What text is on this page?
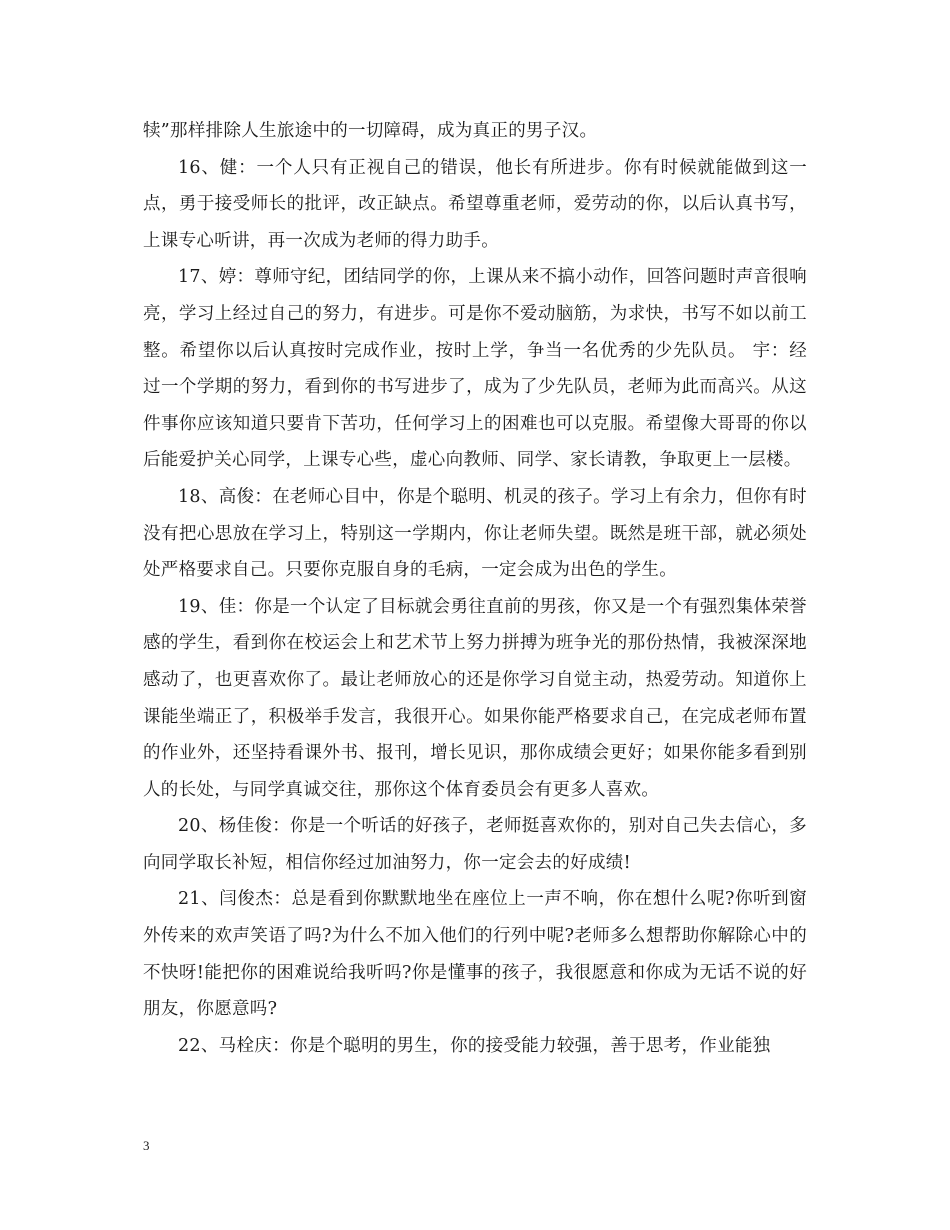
犊”那样排除人生旅途中的一切障碍，成为真正的男子汉。

16、健：一个人只有正视自己的错误，他长有所进步。你有时候就能做到这一点，勇于接受师长的批评，改正缺点。希望尊重老师，爱劳动的你，以后认真书写，上课专心听讲，再一次成为老师的得力助手。

17、婷：尊师守纪，团结同学的你，上课从来不搞小动作，回答问题时声音很响亮，学习上经过自己的努力，有进步。可是你不爱动脑筋，为求快，书写不如以前工整。希望你以后认真按时完成作业，按时上学，争当一名优秀的少先队员。 宇：经过一个学期的努力，看到你的书写进步了，成为了少先队员，老师为此而高兴。从这件事你应该知道只要肯下苦功，任何学习上的困难也可以克服。希望像大哥哥的你以后能爱护关心同学，上课专心些，虚心向教师、同学、家长请教，争取更上一层楼。

18、高俊：在老师心目中，你是个聪明、机灵的孩子。学习上有余力，但你有时没有把心思放在学习上，特别这一学期内，你让老师失望。既然是班干部，就必须处处严格要求自己。只要你克服自身的毛病，一定会成为出色的学生。

19、佳：你是一个认定了目标就会勇往直前的男孩，你又是一个有强烈集体荣誉感的学生，看到你在校运会上和艺术节上努力拼搏为班争光的那份热情，我被深深地感动了，也更喜欢你了。最让老师放心的还是你学习自觉主动，热爱劳动。知道你上课能坐端正了，积极举手发言，我很开心。如果你能严格要求自己，在完成老师布置的作业外，还坚持看课外书、报刊，增长见识，那你成绩会更好；如果你能多看到别人的长处，与同学真诚交往，那你这个体育委员会有更多人喜欢。

20、杨佳俊：你是一个听话的好孩子，老师挺喜欢你的，别对自己失去信心，多向同学取长补短，相信你经过加油努力，你一定会去的好成绩!

21、闫俊杰：总是看到你默默地坐在座位上一声不响，你在想什么呢?你听到窗外传来的欢声笑语了吗?为什么不加入他们的行列中呢?老师多么想帮助你解除心中的不快呀!能把你的困难说给我听吗?你是懂事的孩子，我很愿意和你成为无话不说的好朋友，你愿意吗?

22、马栓庆：你是个聪明的男生，你的接受能力较强，善于思考，作业能独

3
